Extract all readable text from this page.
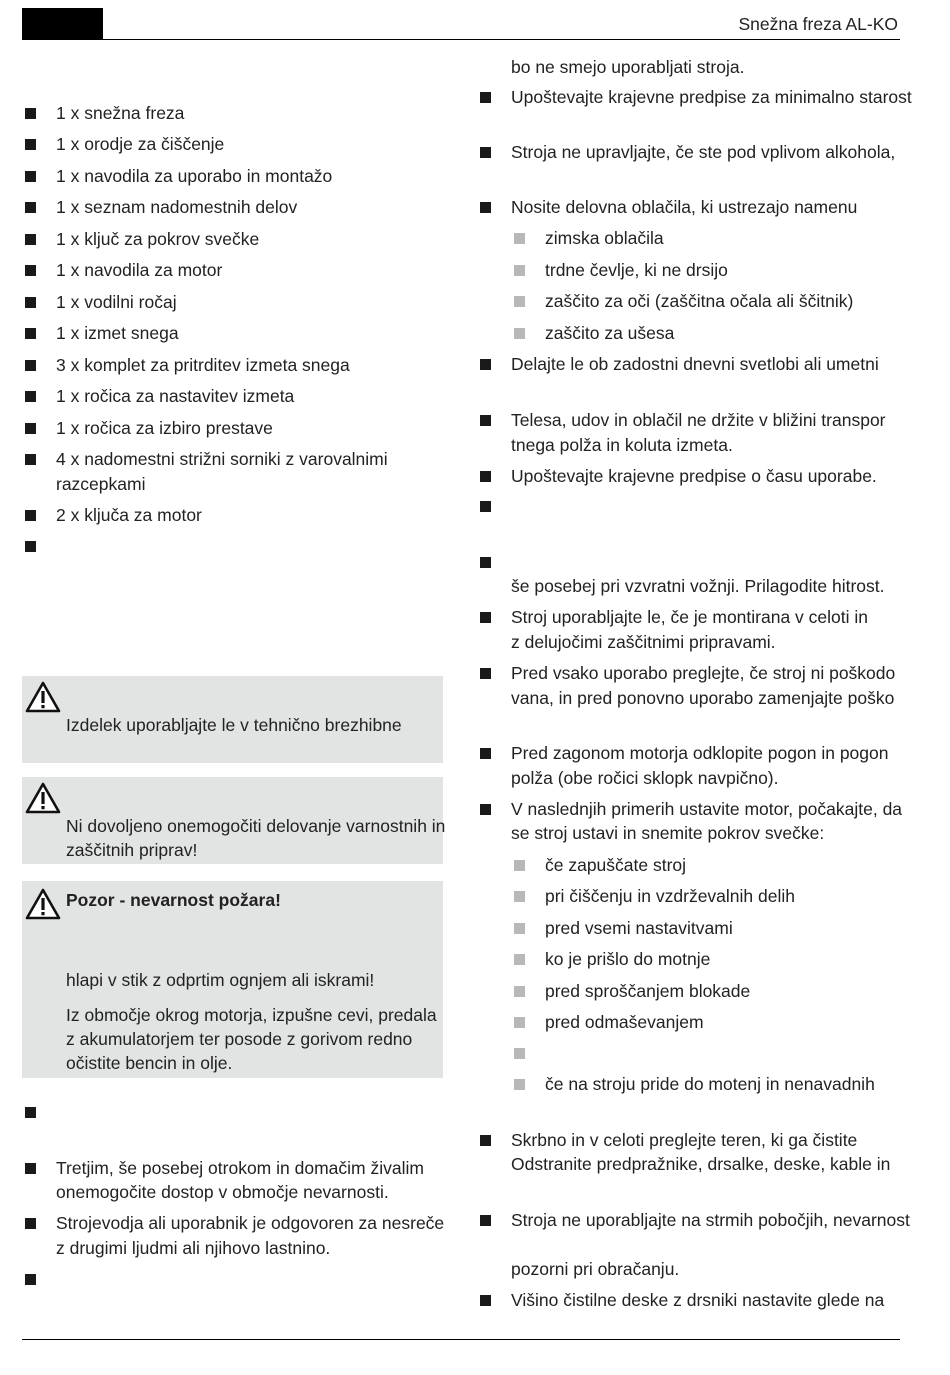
Snežna freza AL-KO
1 x snežna freza
1 x orodje za čiščenje
1 x navodila za uporabo in montažo
1 x seznam nadomestnih delov
1 x ključ za pokrov svečke
1 x navodila za motor
1 x vodilni ročaj
1 x izmet snega
3 x komplet za pritrditev izmeta snega
1 x ročica za nastavitev izmeta
1 x ročica za izbiro prestave
4 x nadomestni strižni sorniki z varovalnimi
razcepkami
2 x ključa za motor
Izdelek uporabljajte le v tehnično brezhibne
Ni dovoljeno onemogočiti delovanje varnostnih in
zaščitnih priprav!
Pozor - nevarnost požara!
hlapi v stik z odprtim ognjem ali iskrami!
Iz območje okrog motorja, izpušne cevi, predala
z akumulatorjem ter posode z gorivom redno
očistite bencin in olje.
Tretjim, še posebej otrokom in domačim živalim
onemogočite dostop v območje nevarnosti.
Strojevodja ali uporabnik je odgovoren za nesreče
z drugimi ljudmi ali njihovo lastnino.
bo ne smejo uporabljati stroja.
Upoštevajte krajevne predpise za minimalno starost
Stroja ne upravljajte, če ste pod vplivom alkohola,
Nosite delovna oblačila, ki ustrezajo namenu
zimska oblačila
trdne čevlje, ki ne drsijo
zaščito za oči (zaščitna očala ali ščitnik)
zaščito za ušesa
Delajte le ob zadostni dnevni svetlobi ali umetni
Telesa, udov in oblačil ne držite v bližini transpor
tnega polža in koluta izmeta.
Upoštevajte krajevne predpise o času uporabe.
še posebej pri vzvratni vožnji. Prilagodite hitrost.
Stroj uporabljajte le, če je montirana v celoti in
z delujočimi zaščitnimi pripravami.
Pred vsako uporabo preglejte, če stroj ni poškodo
vana, in pred ponovno uporabo zamenjajte poško
Pred zagonom motorja odklopite pogon in pogon
polža (obe ročici sklopk navpično).
V naslednjih primerih ustavite motor, počakajte, da
se stroj ustavi in snemite pokrov svečke:
če zapuščate stroj
pri čiščenju in vzdrževalnih delih
pred vsemi nastavitvami
ko je prišlo do motnje
pred sproščanjem blokade
pred odmaševanjem
če na stroju pride do motenj in nenavadnih
Skrbno in v celoti preglejte teren, ki ga čistite
Odstranite predpražnike, drsalke, deske, kable in
Stroja ne uporabljajte na strmih pobočjih, nevarnost
pozorni pri obračanju.
Višino čistilne deske z drsniki nastavite glede na
